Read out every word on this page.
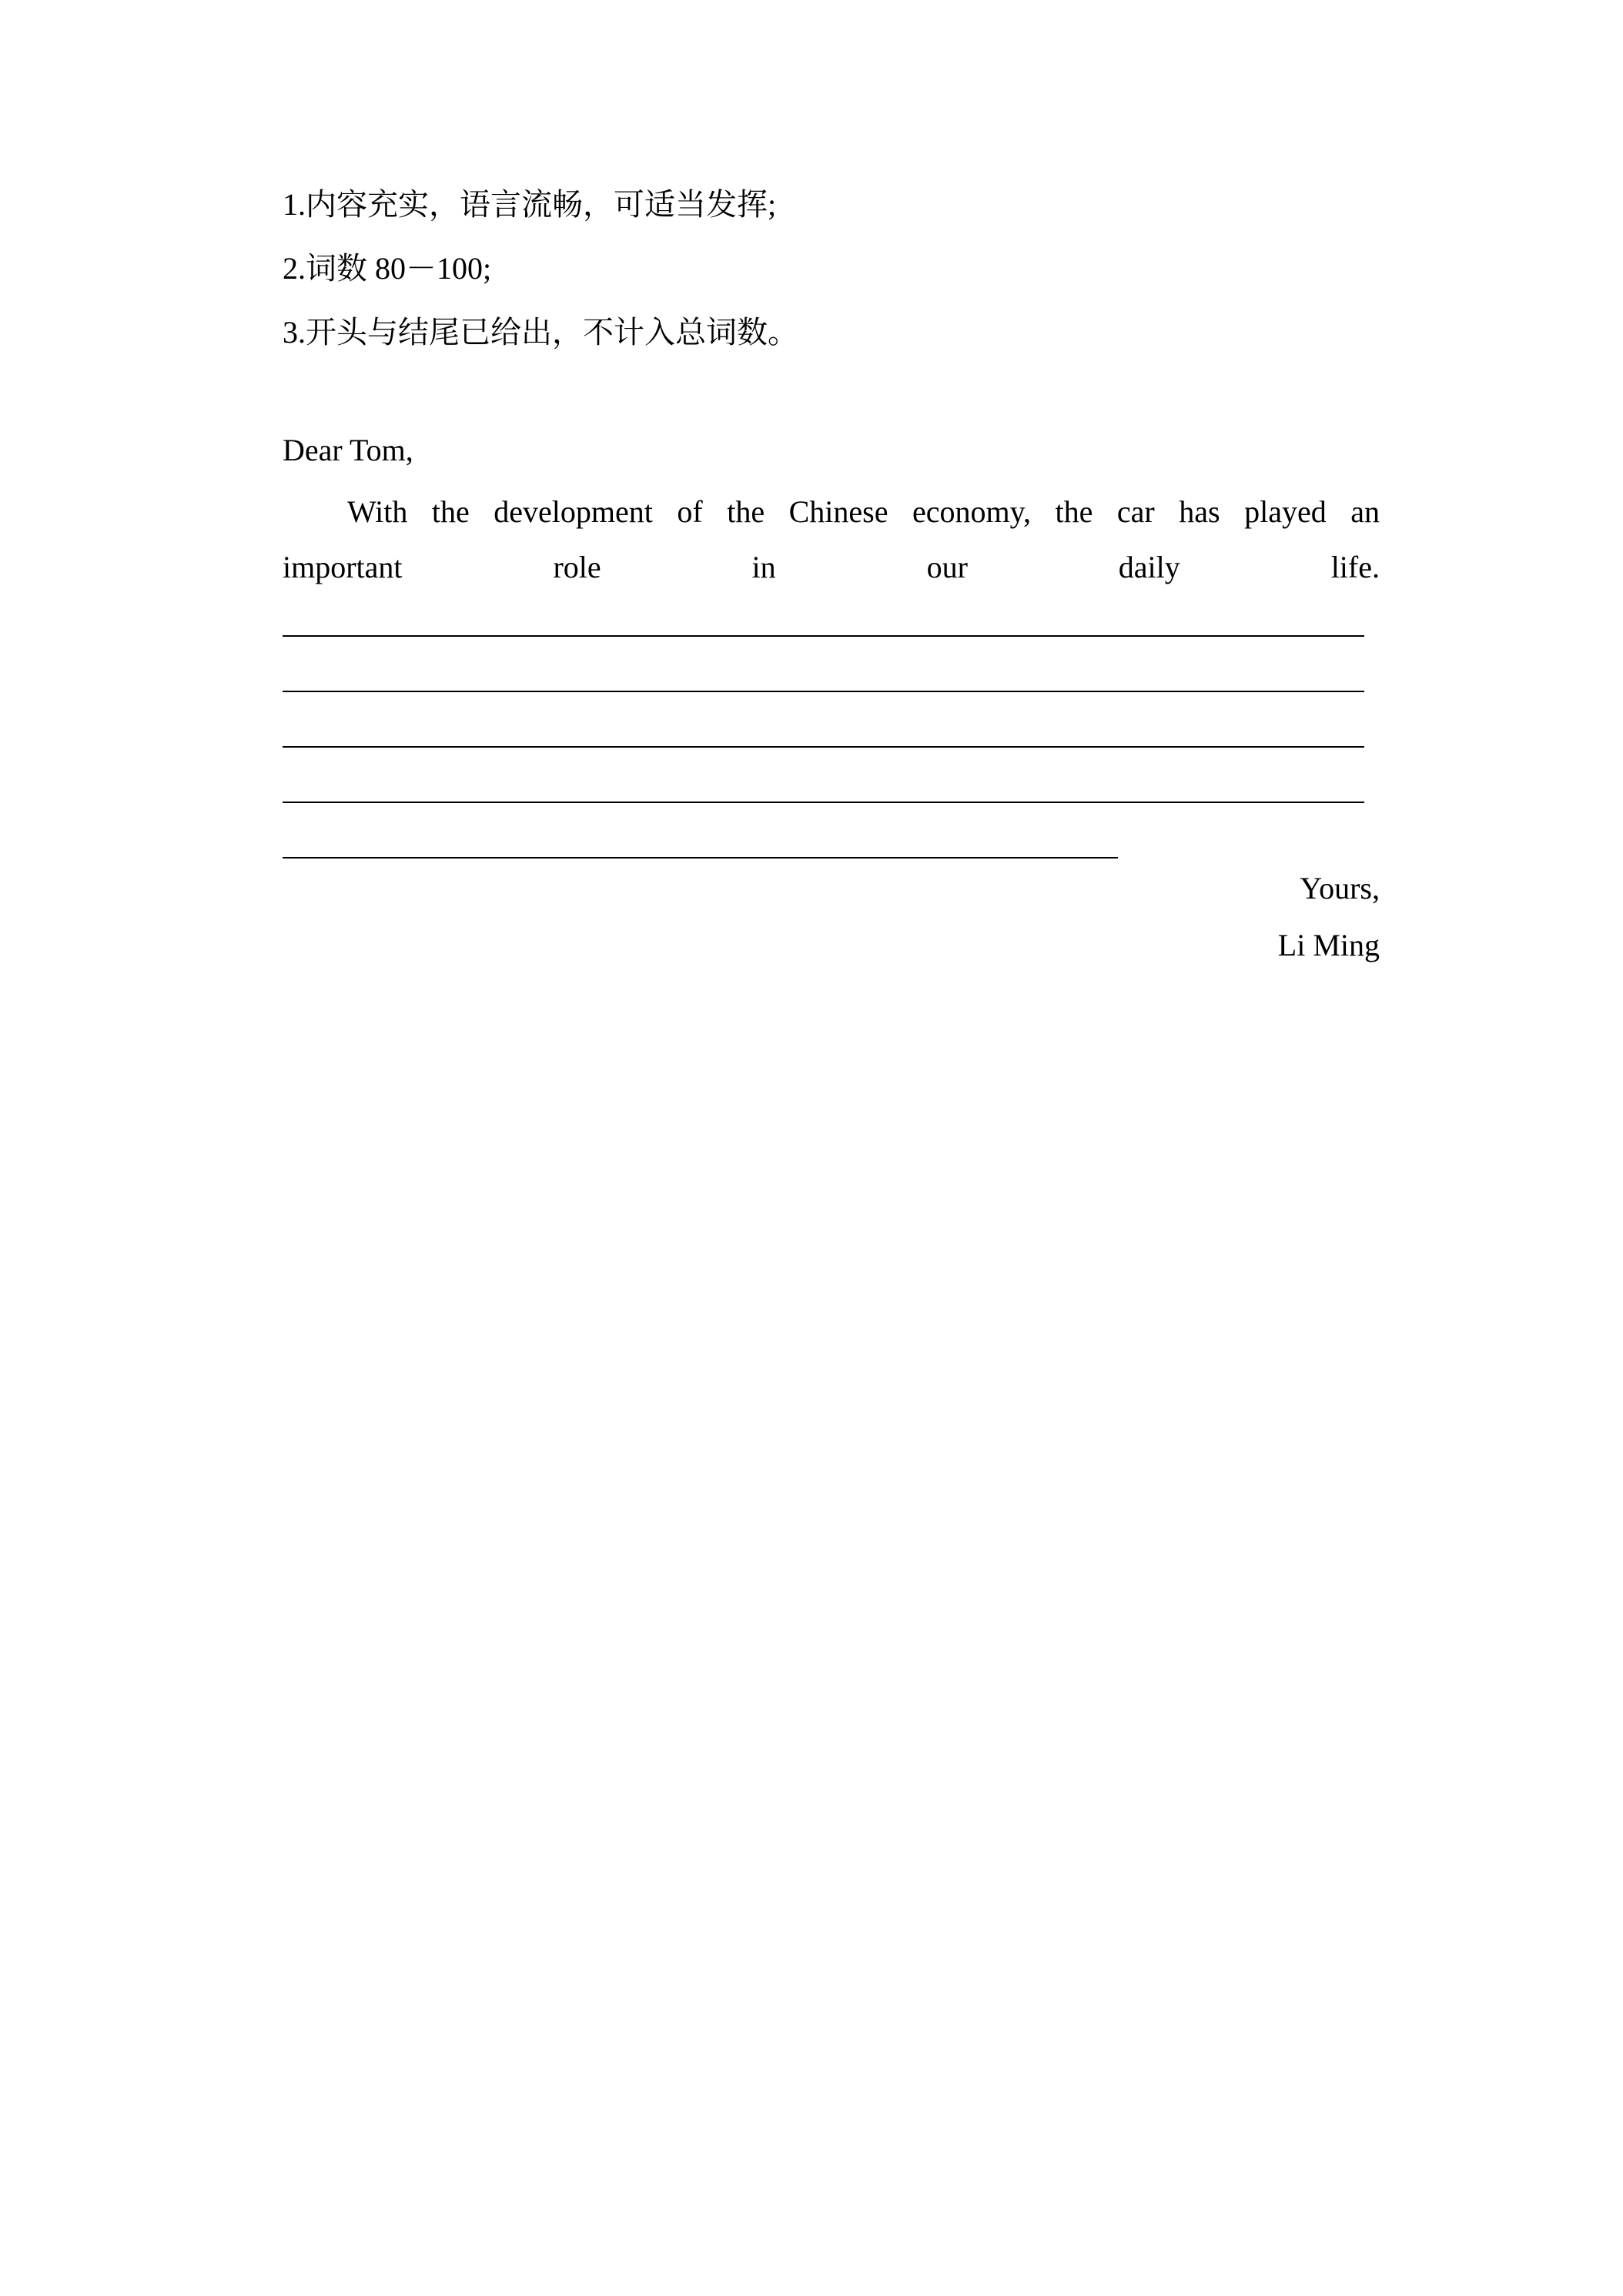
1.内容充实，语言流畅，可适当发挥;
2.词数 80－100;
3.开头与结尾已给出，不计入总词数。
Dear Tom,
With the development of the Chinese economy, the car has played an
important	role	in	our	daily	life.
Yours,
Li Ming
